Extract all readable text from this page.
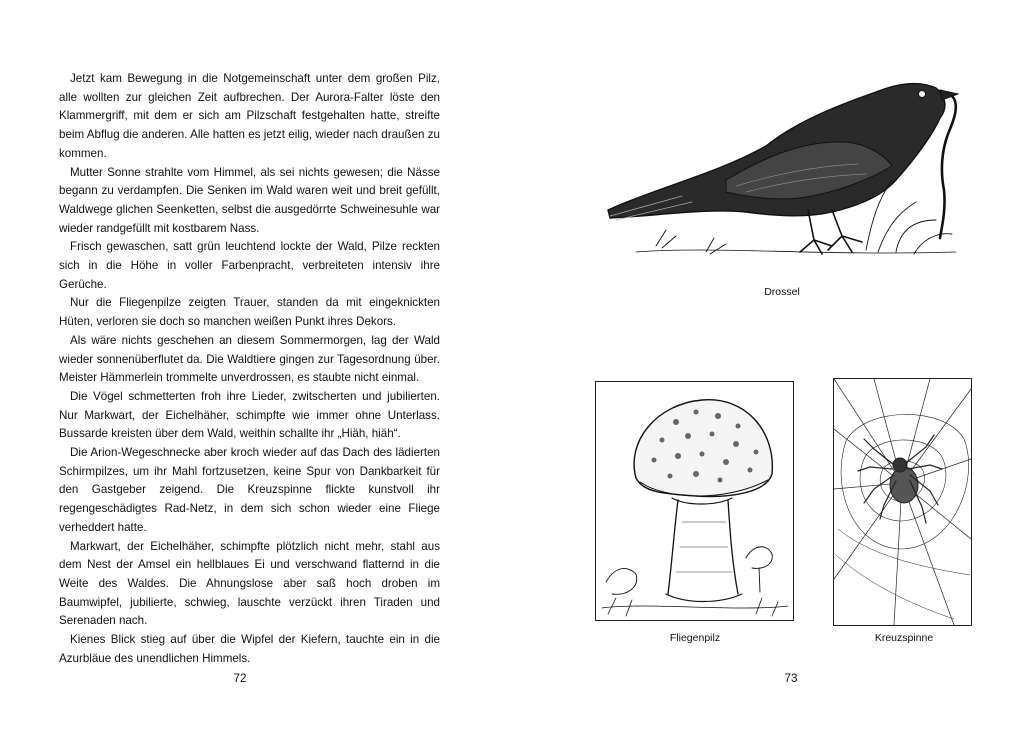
Jetzt kam Bewegung in die Notgemeinschaft unter dem großen Pilz, alle wollten zur gleichen Zeit aufbrechen. Der Aurora-Falter löste den Klammergriff, mit dem er sich am Pilzschaft festgehalten hatte, streifte beim Abflug die anderen. Alle hatten es jetzt eilig, wieder nach draußen zu kommen.

Mutter Sonne strahlte vom Himmel, als sei nichts gewesen; die Nässe begann zu verdampfen. Die Senken im Wald waren weit und breit gefüllt, Waldwege glichen Seenketten, selbst die ausgedörrte Schweinesuhle war wieder randgefüllt mit kostbarem Nass.

Frisch gewaschen, satt grün leuchtend lockte der Wald, Pilze reckten sich in die Höhe in voller Farbenpracht, verbreiteten intensiv ihre Gerüche.

Nur die Fliegenpilze zeigten Trauer, standen da mit eingeknickten Hüten, verloren sie doch so manchen weißen Punkt ihres Dekors.

Als wäre nichts geschehen an diesem Sommermorgen, lag der Wald wieder sonnenüberflutet da. Die Waldtiere gingen zur Tagesordnung über. Meister Hämmerlein trommelte unverdrossen, es staubte nicht einmal.

Die Vögel schmetterten froh ihre Lieder, zwitscherten und jubilierten. Nur Markwart, der Eichelhäher, schimpfte wie immer ohne Unterlass. Bussarde kreisten über dem Wald, weithin schallte ihr „Hiäh, hiäh“.

Die Arion-Wegeschnecke aber kroch wieder auf das Dach des lädierten Schirmpilzes, um ihr Mahl fortzusetzen, keine Spur von Dankbarkeit für den Gastgeber zeigend. Die Kreuzspinne flickte kunstvoll ihr regengeschädigtes Rad-Netz, in dem sich schon wieder eine Fliege verheddert hatte.

Markwart, der Eichelhäher, schimpfte plötzlich nicht mehr, stahl aus dem Nest der Amsel ein hellblaues Ei und verschwand flatternd in die Weite des Waldes. Die Ahnungslose aber saß hoch droben im Baumwipfel, jubilierte, schwieg, lauschte verzückt ihren Tiraden und Serenaden nach.

Kienes Blick stieg auf über die Wipfel der Kiefern, tauchte ein in die Azurbläue des unendlichen Himmels.

72
Drossel
Fliegenpilz	Kreuzspinne
73
